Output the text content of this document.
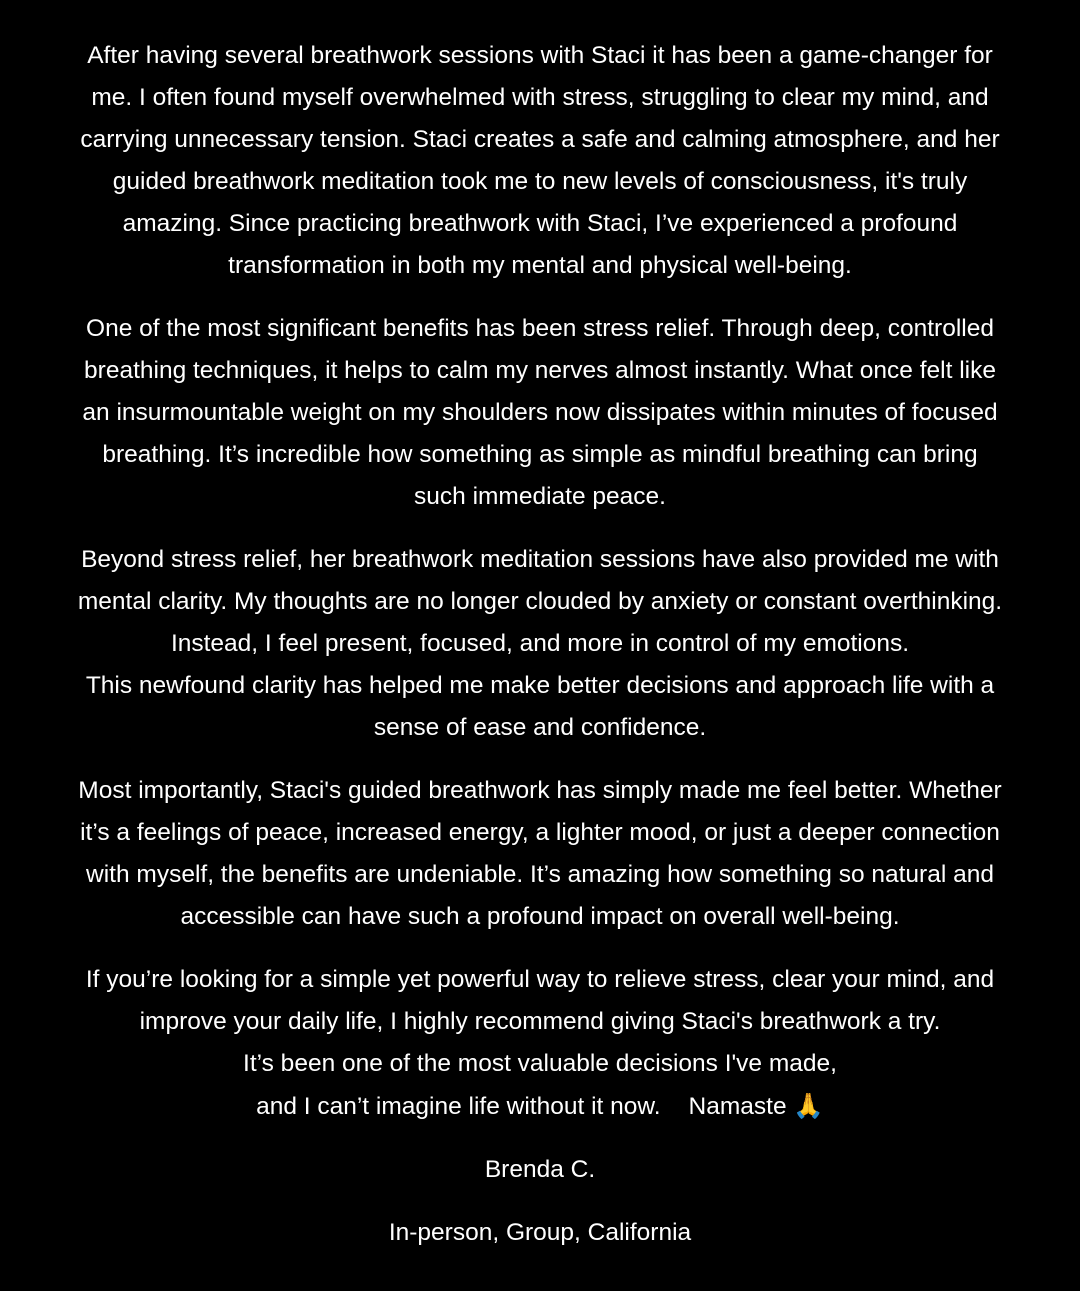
After having several breathwork sessions with Staci it has been a game-changer for
me. I often found myself overwhelmed with stress, struggling to clear my mind, and
carrying unnecessary tension. Staci creates a safe and calming atmosphere, and her
guided breathwork meditation took me to new levels of consciousness, it's truly
amazing. Since practicing breathwork with Staci, I’ve experienced a profound
transformation in both my mental and physical well-being.

One of the most significant benefits has been stress relief. Through deep, controlled
breathing techniques, it helps to calm my nerves almost instantly. What once felt like
an insurmountable weight on my shoulders now dissipates within minutes of focused
breathing. It’s incredible how something as simple as mindful breathing can bring
such immediate peace.

Beyond stress relief, her breathwork meditation sessions have also provided me with
mental clarity. My thoughts are no longer clouded by anxiety or constant overthinking.
Instead, I feel present, focused, and more in control of my emotions.
This newfound clarity has helped me make better decisions and approach life with a
sense of ease and confidence.

Most importantly, Staci's guided breathwork has simply made me feel better. Whether
it’s a feelings of peace, increased energy, a lighter mood, or just a deeper connection
with myself, the benefits are undeniable. It’s amazing how something so natural and
accessible can have such a profound impact on overall well-being.

If you’re looking for a simple yet powerful way to relieve stress, clear your mind, and
improve your daily life, I highly recommend giving Staci's breathwork a try.
It’s been one of the most valuable decisions I've made,
and I can’t imagine life without it now. Namaste 🙏

Brenda C.

In-person, Group, California
